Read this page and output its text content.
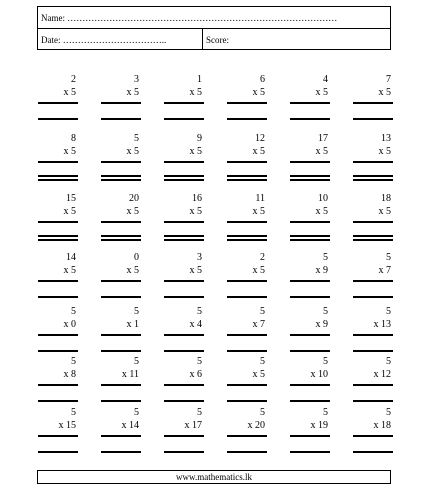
Name: ………………………………………………………………………………
Date: ……………………………..	Score:
2
x 5
3
x 5
1
x 5
6
x 5
4
x 5
7
x 5
8
x 5
5
x 5
9
x 5
12
x 5
17
x 5
13
x 5
15
x 5
20
x 5
16
x 5
11
x 5
10
x 5
18
x 5
14
x 5
0
x 5
3
x 5
2
x 5
5
x 9
5
x 7
5
x 0
5
x 1
5
x 4
5
x 7
5
x 9
5
x 13
5
x 8
5
x 11
5
x 6
5
x 5
5
x 10
5
x 12
5
x 15
5
x 14
5
x 17
5
x 20
5
x 19
5
x 18
www.mathematics.lk
